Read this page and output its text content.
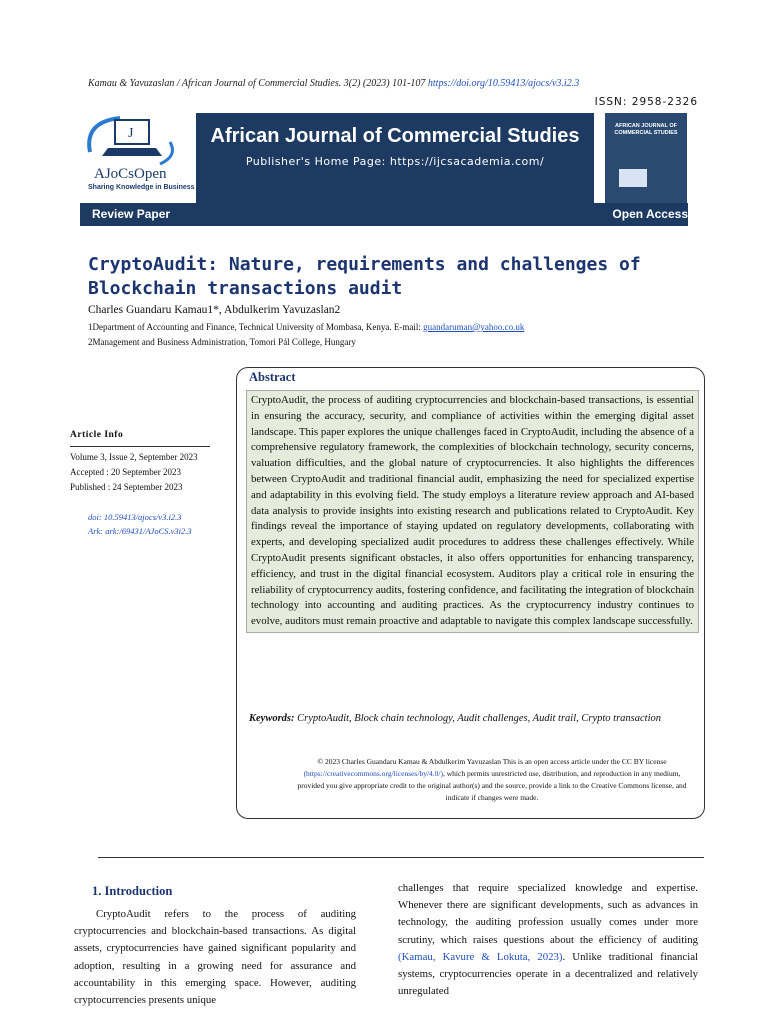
Kamau & Yavuzaslan / African Journal of Commercial Studies. 3(2) (2023) 101-107 https://doi.org/10.59413/ajocs/v3.i2.3
ISSN: 2958-2326
J
AJoCsOpen
Sharing Knowledge in Business
African Journal of Commercial Studies
Publisher's Home Page: https://ijcsacademia.com/
AFRICAN JOURNAL OF COMMERCIAL STUDIES
Review Paper	Open Access
CryptoAudit: Nature, requirements and challenges of Blockchain transactions audit
Charles Guandaru Kamau1*, Abdulkerim Yavuzaslan2
1Department of Accounting and Finance, Technical University of Mombasa, Kenya. E-mail: guandaruman@yahoo.co.uk
2Management and Business Administration, Tomori Pál College, Hungary
Article Info
Volume 3, Issue 2, September 2023
Accepted : 20 September 2023
Published : 24 September 2023
doi: 10.59413/ajocs/v3.i2.3
Ark: ark:/69431/AJoCS.v3i2.3
Abstract
CryptoAudit, the process of auditing cryptocurrencies and blockchain-based transactions, is essential in ensuring the accuracy, security, and compliance of activities within the emerging digital asset landscape. This paper explores the unique challenges faced in CryptoAudit, including the absence of a comprehensive regulatory framework, the complexities of blockchain technology, security concerns, valuation difficulties, and the global nature of cryptocurrencies. It also highlights the differences between CryptoAudit and traditional financial audit, emphasizing the need for specialized expertise and adaptability in this evolving field. The study employs a literature review approach and AI-based data analysis to provide insights into existing research and publications related to CryptoAudit. Key findings reveal the importance of staying updated on regulatory developments, collaborating with experts, and developing specialized audit procedures to address these challenges effectively. While CryptoAudit presents significant obstacles, it also offers opportunities for enhancing transparency, efficiency, and trust in the digital financial ecosystem. Auditors play a critical role in ensuring the reliability of cryptocurrency audits, fostering confidence, and facilitating the integration of blockchain technology into accounting and auditing practices. As the cryptocurrency industry continues to evolve, auditors must remain proactive and adaptable to navigate this complex landscape successfully.
Keywords: CryptoAudit, Block chain technology, Audit challenges, Audit trail, Crypto transaction
© 2023 Charles Guandaru Kamau & Abdulkerim Yavuzaslan This is an open access article under the CC BY license (https://creativecommons.org/licenses/by/4.0/), which permits unrestricted use, distribution, and reproduction in any medium, provided you give appropriate credit to the original author(s) and the source, provide a link to the Creative Commons license, and indicate if changes were made.
1. Introduction
CryptoAudit refers to the process of auditing cryptocurrencies and blockchain-based transactions. As digital assets, cryptocurrencies have gained significant popularity and adoption, resulting in a growing need for assurance and accountability in this emerging space. However, auditing cryptocurrencies presents unique
challenges that require specialized knowledge and expertise. Whenever there are significant developments, such as advances in technology, the auditing profession usually comes under more scrutiny, which raises questions about the efficiency of auditing (Kamau, Kavure & Lokuta, 2023). Unlike traditional financial systems, cryptocurrencies operate in a decentralized and relatively unregulated
